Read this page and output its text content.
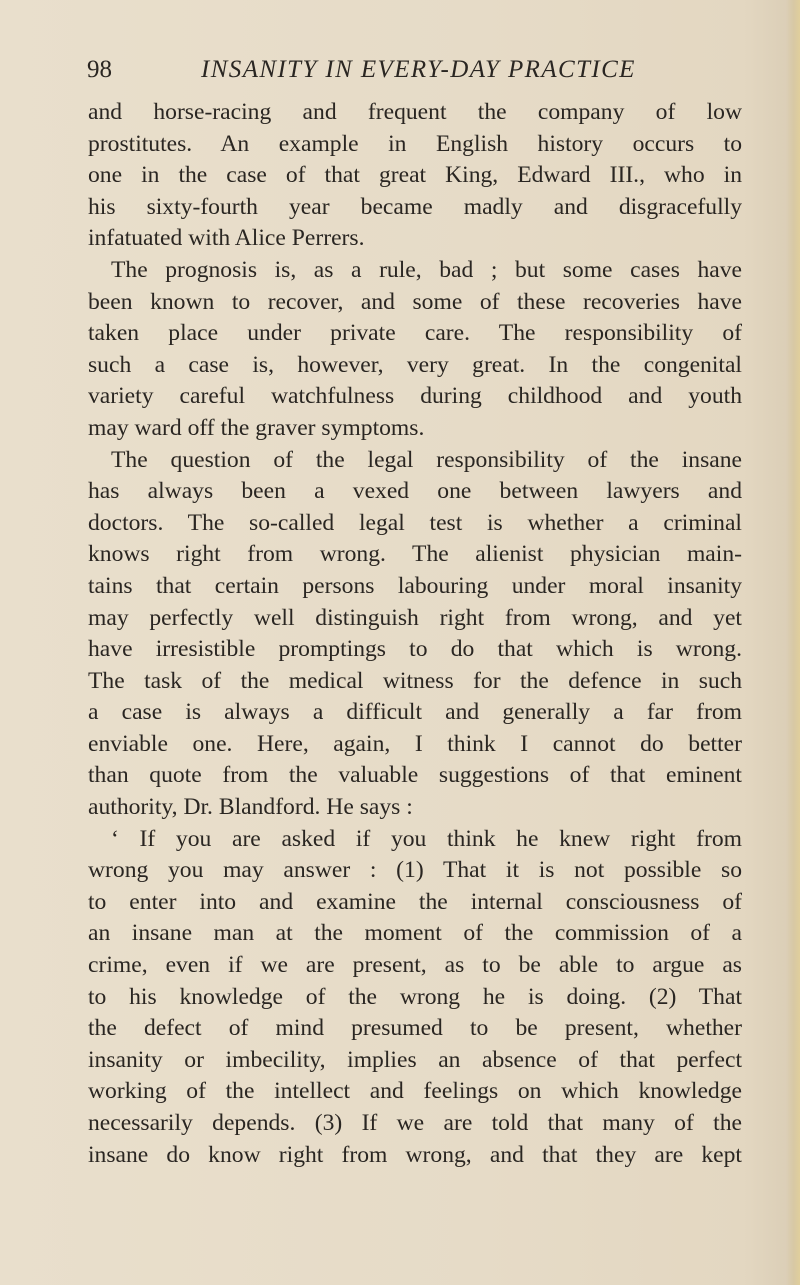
98	INSANITY IN EVERY-DAY PRACTICE
and horse-racing and frequent the company of low
prostitutes. An example in English history occurs to
one in the case of that great King, Edward III., who in
his sixty-fourth year became madly and disgracefully
infatuated with Alice Perrers.
The prognosis is, as a rule, bad ; but some cases have
been known to recover, and some of these recoveries have
taken place under private care. The responsibility of
such a case is, however, very great. In the congenital
variety careful watchfulness during childhood and youth
may ward off the graver symptoms.
The question of the legal responsibility of the insane
has always been a vexed one between lawyers and
doctors. The so-called legal test is whether a criminal
knows right from wrong. The alienist physician main-
tains that certain persons labouring under moral insanity
may perfectly well distinguish right from wrong, and yet
have irresistible promptings to do that which is wrong.
The task of the medical witness for the defence in such
a case is always a difficult and generally a far from
enviable one. Here, again, I think I cannot do better
than quote from the valuable suggestions of that eminent
authority, Dr. Blandford. He says :
‘ If you are asked if you think he knew right from
wrong you may answer : (1) That it is not possible so
to enter into and examine the internal consciousness of
an insane man at the moment of the commission of a
crime, even if we are present, as to be able to argue as
to his knowledge of the wrong he is doing. (2) That
the defect of mind presumed to be present, whether
insanity or imbecility, implies an absence of that perfect
working of the intellect and feelings on which knowledge
necessarily depends. (3) If we are told that many of the
insane do know right from wrong, and that they are kept
